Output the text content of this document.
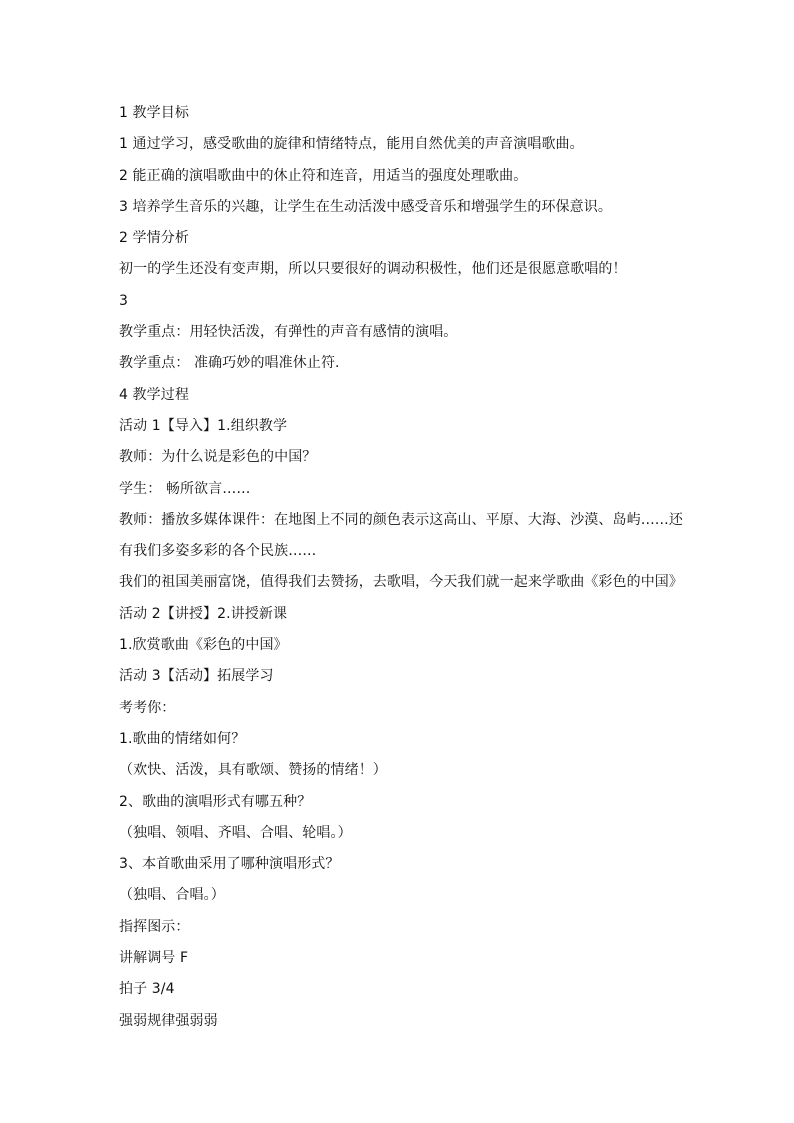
1 教学目标
1 通过学习，感受歌曲的旋律和情绪特点，能用自然优美的声音演唱歌曲。
2 能正确的演唱歌曲中的休止符和连音，用适当的强度处理歌曲。
3 培养学生音乐的兴趣，让学生在生动活泼中感受音乐和增强学生的环保意识。
2 学情分析
初一的学生还没有变声期，所以只要很好的调动积极性，他们还是很愿意歌唱的！
3
教学重点：用轻快活泼，有弹性的声音有感情的演唱。
教学重点： 准确巧妙的唱准休止符.
4 教学过程
活动 1【导入】1.组织教学
教师：为什么说是彩色的中国？
学生： 畅所欲言……
教师：播放多媒体课件：在地图上不同的颜色表示这高山、平原、大海、沙漠、岛屿……还
有我们多姿多彩的各个民族……
我们的祖国美丽富饶，值得我们去赞扬，去歌唱，今天我们就一起来学歌曲《彩色的中国》
活动 2【讲授】2.讲授新课
1.欣赏歌曲《彩色的中国》
活动 3【活动】拓展学习
考考你：
1.歌曲的情绪如何？
（欢快、活泼，具有歌颂、赞扬的情绪！）
2、歌曲的演唱形式有哪五种？
（独唱、领唱、齐唱、合唱、轮唱。）
3、本首歌曲采用了哪种演唱形式？
（独唱、合唱。）
指挥图示：
讲解调号 F
拍子 3/4
强弱规律强弱弱
